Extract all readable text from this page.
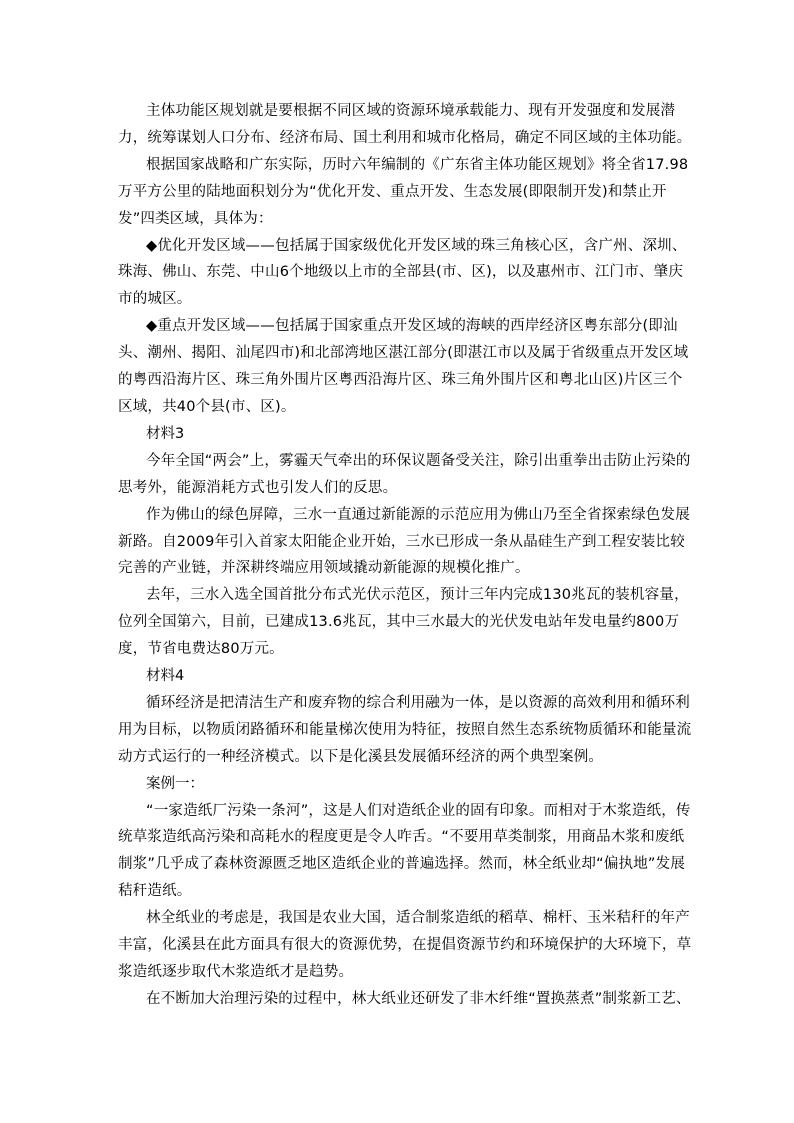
主体功能区规划就是要根据不同区域的资源环境承载能力、现有开发强度和发展潜力，统筹谋划人口分布、经济布局、国土利用和城市化格局，确定不同区域的主体功能。

根据国家战略和广东实际，历时六年编制的《广东省主体功能区规划》将全省17.98万平方公里的陆地面积划分为“优化开发、重点开发、生态发展(即限制开发)和禁止开发”四类区域，具体为：

◆优化开发区域——包括属于国家级优化开发区域的珠三角核心区，含广州、深圳、珠海、佛山、东莞、中山6个地级以上市的全部县(市、区)，以及惠州市、江门市、肇庆市的城区。

◆重点开发区域——包括属于国家重点开发区域的海峡的西岸经济区粤东部分(即汕头、潮州、揭阳、汕尾四市)和北部湾地区湛江部分(即湛江市以及属于省级重点开发区域的粤西沿海片区、珠三角外围片区粤西沿海片区、珠三角外围片区和粤北山区)片区三个区域，共40个县(市、区)。

材料3

今年全国“两会”上，雾霾天气牵出的环保议题备受关注，除引出重拳出击防止污染的思考外，能源消耗方式也引发人们的反思。

作为佛山的绿色屏障，三水一直通过新能源的示范应用为佛山乃至全省探索绿色发展新路。自2009年引入首家太阳能企业开始，三水已形成一条从晶硅生产到工程安装比较完善的产业链，并深耕终端应用领域撬动新能源的规模化推广。

去年，三水入选全国首批分布式光伏示范区，预计三年内完成130兆瓦的装机容量，位列全国第六，目前，已建成13.6兆瓦，其中三水最大的光伏发电站年发电量约800万度，节省电费达80万元。

材料4

循环经济是把清洁生产和废弃物的综合利用融为一体，是以资源的高效利用和循环利用为目标，以物质闭路循环和能量梯次使用为特征，按照自然生态系统物质循环和能量流动方式运行的一种经济模式。以下是化溪县发展循环经济的两个典型案例。

案例一：

“一家造纸厂污染一条河”，这是人们对造纸企业的固有印象。而相对于木浆造纸，传统草浆造纸高污染和高耗水的程度更是令人咋舌。“不要用草类制浆，用商品木浆和废纸制浆”几乎成了森林资源匮乏地区造纸企业的普遍选择。然而，林全纸业却“偏执地”发展秸秆造纸。

林全纸业的考虑是，我国是农业大国，适合制浆造纸的稻草、棉杆、玉米秸秆的年产丰富，化溪县在此方面具有很大的资源优势，在提倡资源节约和环境保护的大环境下，草浆造纸逐步取代木浆造纸才是趋势。

在不断加大治理污染的过程中，林大纸业还研发了非木纤维“置换蒸煮”制浆新工艺、
